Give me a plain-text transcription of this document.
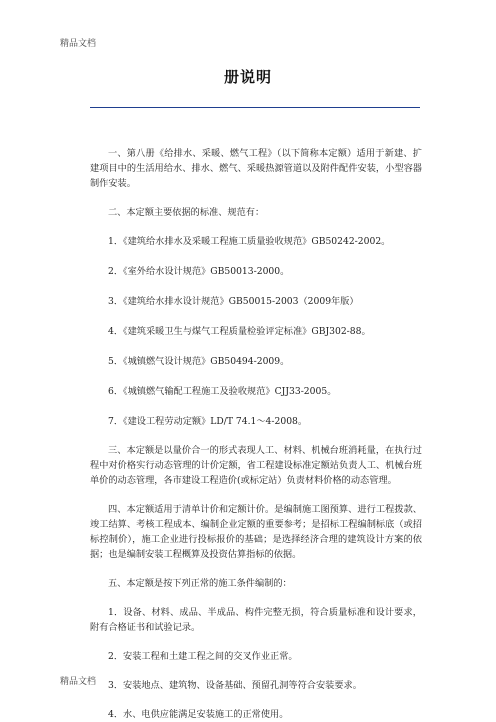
精品文档
册说明

一、第八册《给排水、采暖、燃气工程》（以下简称本定额）适用于新建、扩建项目中的生活用给水、排水、燃气、采暖热源管道以及附件配件安装，小型容器制作安装。

二、本定额主要依据的标准、规范有：

1．《建筑给水排水及采暖工程施工质量验收规范》GB50242-2002。

2．《室外给水设计规范》GB50013-2000。

3．《建筑给水排水设计规范》GB50015-2003（2009年版）

4．《建筑采暖卫生与煤气工程质量检验评定标准》GBJ302-88。

5．《城镇燃气设计规范》GB50494-2009。

6．《城镇燃气输配工程施工及验收规范》CJJ33-2005。

7．《建设工程劳动定额》LD/T 74.1～4-2008。

三、本定额是以量价合一的形式表现人工、材料、机械台班消耗量，在执行过程中对价格实行动态管理的计价定额，省工程建设标准定额站负责人工、机械台班单价的动态管理，各市建设工程造价(或标定站）负责材料价格的动态管理。

四、本定额适用于清单计价和定额计价。是编制施工图预算、进行工程拨款、竣工结算、考核工程成本、编制企业定额的重要参考；是招标工程编制标底（或招标控制价），施工企业进行投标报价的基础；是选择经济合理的建筑设计方案的依据；也是编制安装工程概算及投资估算指标的依据。

五、本定额是按下列正常的施工条件编制的：

1．设备、材料、成品、半成品、构件完整无损，符合质量标准和设计要求，附有合格证书和试验记录。

2．安装工程和土建工程之间的交叉作业正常。

3．安装地点、建筑物、设备基础、预留孔洞等符合安装要求。

4．水、电供应能满足安装施工的正常使用。

精品文档
